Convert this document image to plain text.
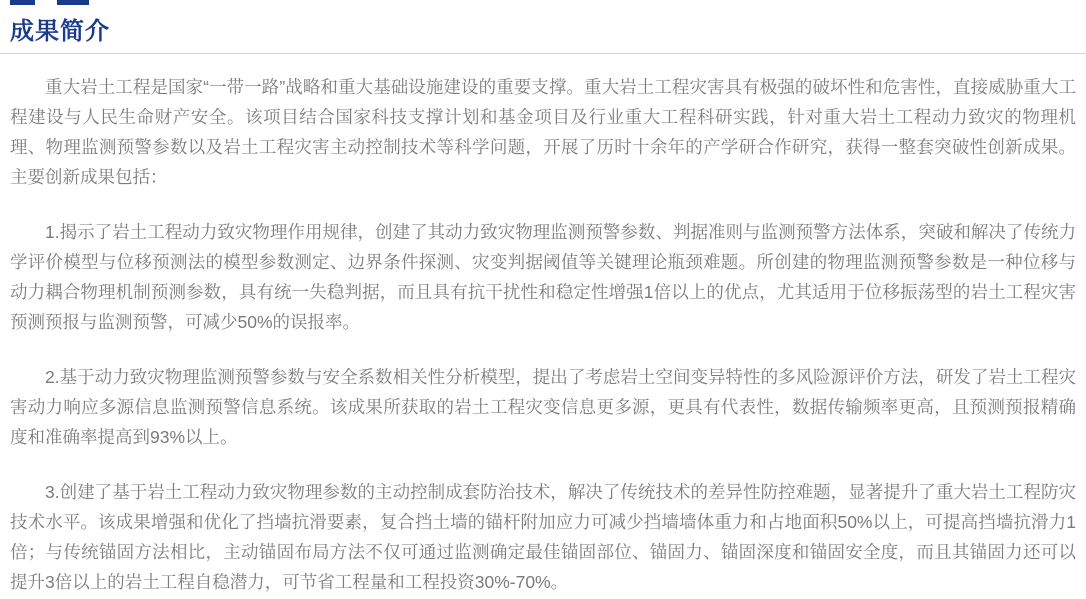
成果简介

重大岩土工程是国家“一带一路”战略和重大基础设施建设的重要支撑。重大岩土工程灾害具有极强的破坏性和危害性，直接威胁重大工程建设与人民生命财产安全。该项目结合国家科技支撑计划和基金项目及行业重大工程科研实践，针对重大岩土工程动力致灾的物理机理、物理监测预警参数以及岩土工程灾害主动控制技术等科学问题，开展了历时十余年的产学研合作研究，获得一整套突破性创新成果。主要创新成果包括：

1.揭示了岩土工程动力致灾物理作用规律，创建了其动力致灾物理监测预警参数、判据准则与监测预警方法体系，突破和解决了传统力学评价模型与位移预测法的模型参数测定、边界条件探测、灾变判据阈值等关键理论瓶颈难题。所创建的物理监测预警参数是一种位移与动力耦合物理机制预测参数，具有统一失稳判据，而且具有抗干扰性和稳定性增强1倍以上的优点，尤其适用于位移振荡型的岩土工程灾害预测预报与监测预警，可减少50%的误报率。

2.基于动力致灾物理监测预警参数与安全系数相关性分析模型，提出了考虑岩土空间变异特性的多风险源评价方法，研发了岩土工程灾害动力响应多源信息监测预警信息系统。该成果所获取的岩土工程灾变信息更多源，更具有代表性，数据传输频率更高，且预测预报精确度和准确率提高到93%以上。

3.创建了基于岩土工程动力致灾物理参数的主动控制成套防治技术，解决了传统技术的差异性防控难题，显著提升了重大岩土工程防灾技术水平。该成果增强和优化了挡墙抗滑要素，复合挡土墙的锚杆附加应力可减少挡墙墙体重力和占地面积50%以上，可提高挡墙抗滑力1倍；与传统锚固方法相比，主动锚固布局方法不仅可通过监测确定最佳锚固部位、锚固力、锚固深度和锚固安全度，而且其锚固力还可以提升3倍以上的岩土工程自稳潜力，可节省工程量和工程投资30%-70%。
